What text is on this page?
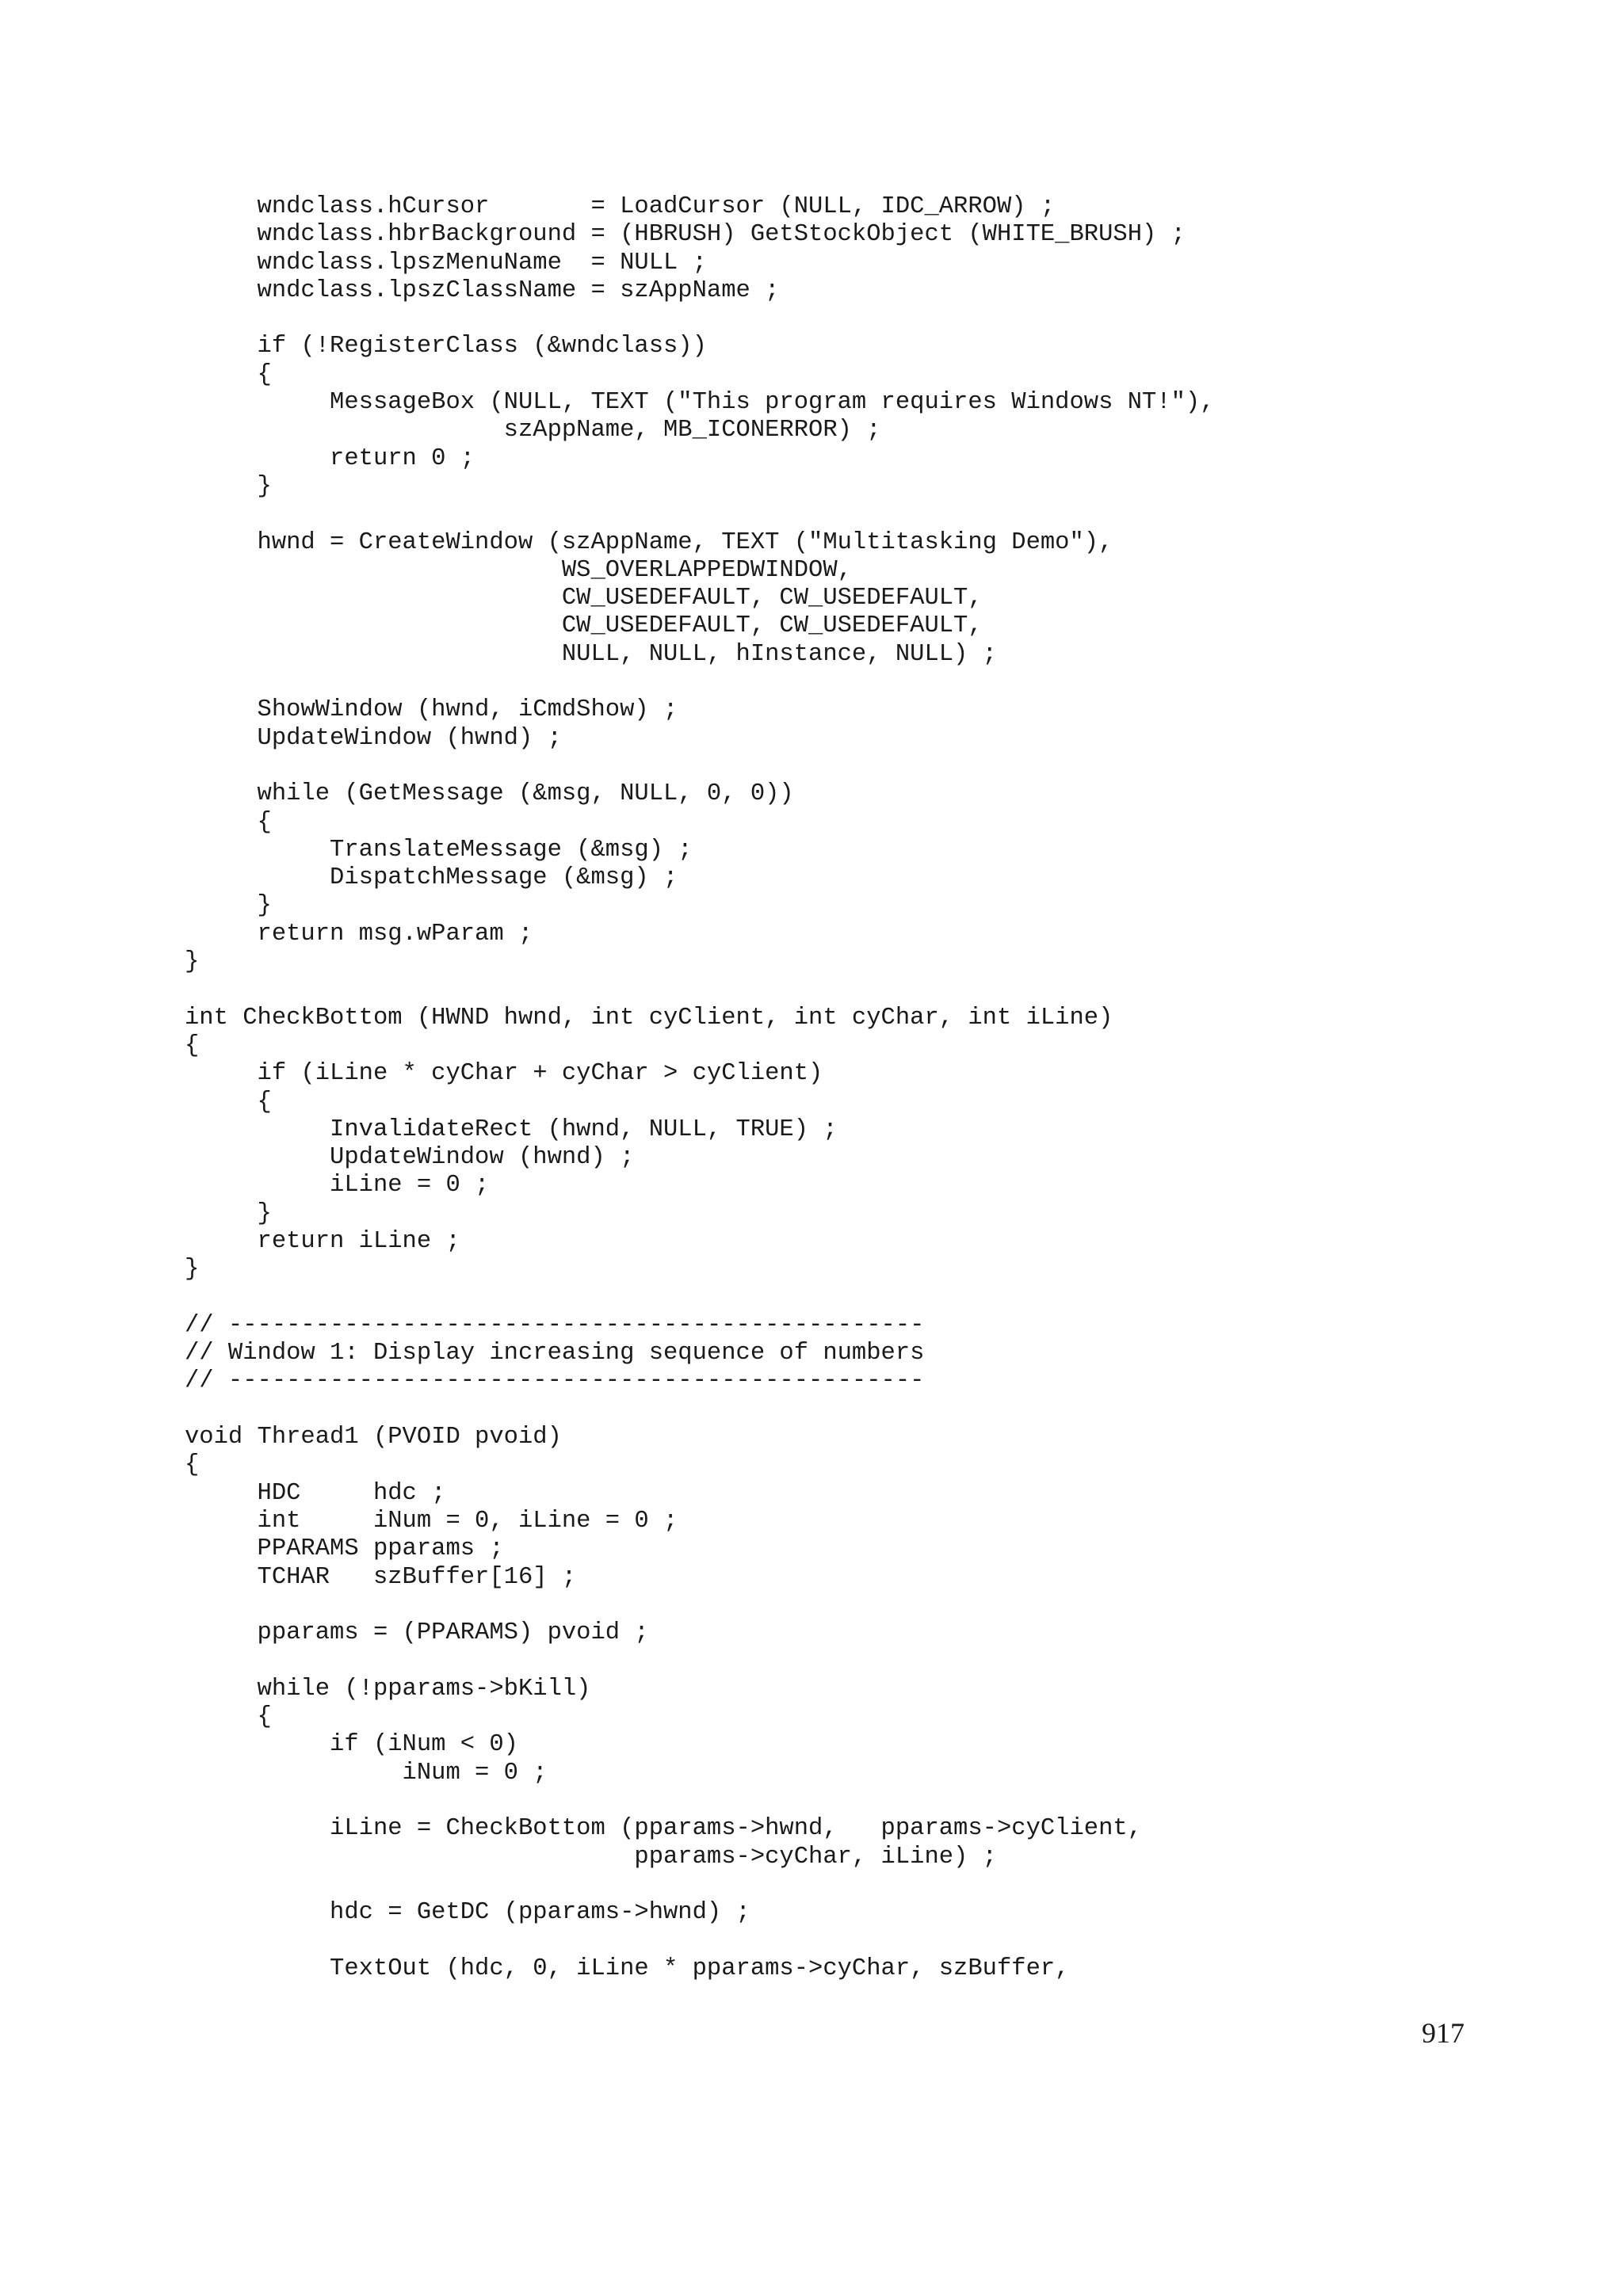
wndclass.hCursor       = LoadCursor (NULL, IDC_ARROW) ;
wndclass.hbrBackground = (HBRUSH) GetStockObject (WHITE_BRUSH) ;
wndclass.lpszMenuName  = NULL ;
wndclass.lpszClassName = szAppName ;

if (!RegisterClass (&wndclass))
{
MessageBox (NULL, TEXT ("This program requires Windows NT!"),
szAppName, MB_ICONERROR) ;
return 0 ;
}

hwnd = CreateWindow (szAppName, TEXT ("Multitasking Demo"),
WS_OVERLAPPEDWINDOW,
CW_USEDEFAULT, CW_USEDEFAULT,
CW_USEDEFAULT, CW_USEDEFAULT,
NULL, NULL, hInstance, NULL) ;

ShowWindow (hwnd, iCmdShow) ;
UpdateWindow (hwnd) ;

while (GetMessage (&msg, NULL, 0, 0))
{
TranslateMessage (&msg) ;
DispatchMessage (&msg) ;
}
return msg.wParam ;
}

int CheckBottom (HWND hwnd, int cyClient, int cyChar, int iLine)
{
if (iLine * cyChar + cyChar > cyClient)
{
InvalidateRect (hwnd, NULL, TRUE) ;
UpdateWindow (hwnd) ;
iLine = 0 ;
}
return iLine ;
}

// ------------------------------------------------
// Window 1: Display increasing sequence of numbers
// ------------------------------------------------

void Thread1 (PVOID pvoid)
{
HDC     hdc ;
int     iNum = 0, iLine = 0 ;
PPARAMS pparams ;
TCHAR   szBuffer[16] ;

pparams = (PPARAMS) pvoid ;

while (!pparams->bKill)
{
if (iNum < 0)
iNum = 0 ;

iLine = CheckBottom (pparams->hwnd,   pparams->cyClient,
pparams->cyChar, iLine) ;

hdc = GetDC (pparams->hwnd) ;

TextOut (hdc, 0, iLine * pparams->cyChar, szBuffer,
917
